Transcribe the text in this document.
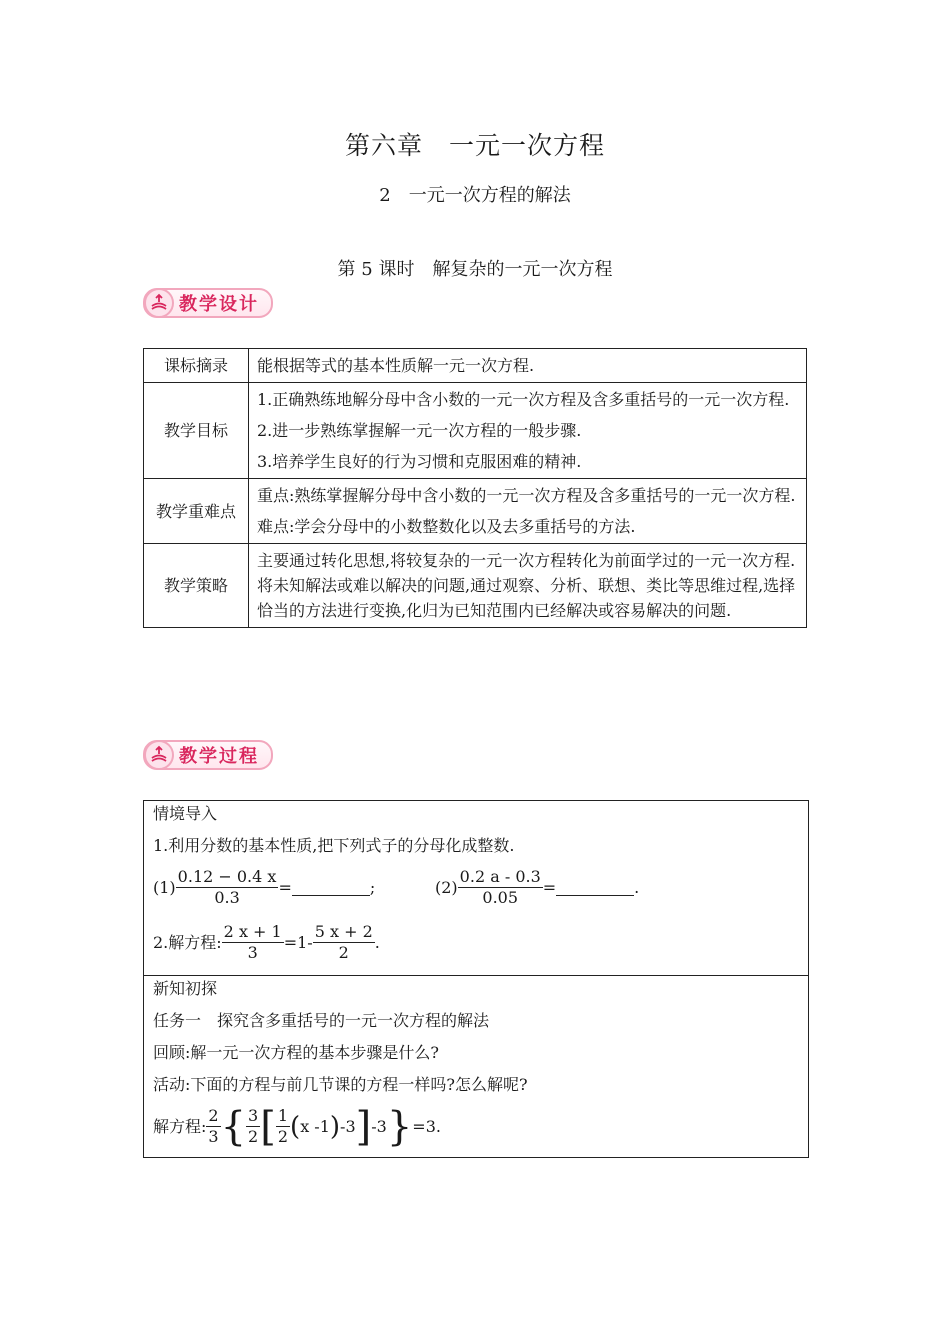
第六章　一元一次方程
2　一元一次方程的解法
第 5 课时　解复杂的一元一次方程
教学设计
课标摘录	能根据等式的基本性质解一元一次方程.

教学目标	1.正确熟练地解分母中含小数的一元一次方程及含多重括号的一元一次方程.

2.进一步熟练掌握解一元一次方程的一般步骤.

3.培养学生良好的行为习惯和克服困难的精神.

教学重难点	重点:熟练掌握解分母中含小数的一元一次方程及含多重括号的一元一次方程.

难点:学会分母中的小数整数化以及去多重括号的方法.

教学策略	主要通过转化思想,将较复杂的一元一次方程转化为前面学过的一元一次方程.将未知解法或难以解决的问题,通过观察、分析、联想、类比等思维过程,选择恰当的方法进行变换,化归为已知范围内已经解决或容易解决的问题.

教学过程
情境导入
1.利用分数的基本性质,把下列式子的分母化成整数.
$(1) \frac{0.12 - 0.4 x}{0.3}$ =	;	$(2) \frac{0.2 a - 0.3}{0.05}$ =	.
2.解方程: $\frac{2 x + 1}{3} =1- \frac{5 x + 2}{2}$ .
新知初探
任务一　探究含多重括号的一元一次方程的解法
回顾:解一元一次方程的基本步骤是什么?
活动:下面的方程与前几节课的方程一样吗?怎么解呢?
解方程: $\frac{2}{3}$ { $\frac{3}{2}$ [ $\frac{1}{2}$ ( x -1 ) -3 ] -3 } =3.
